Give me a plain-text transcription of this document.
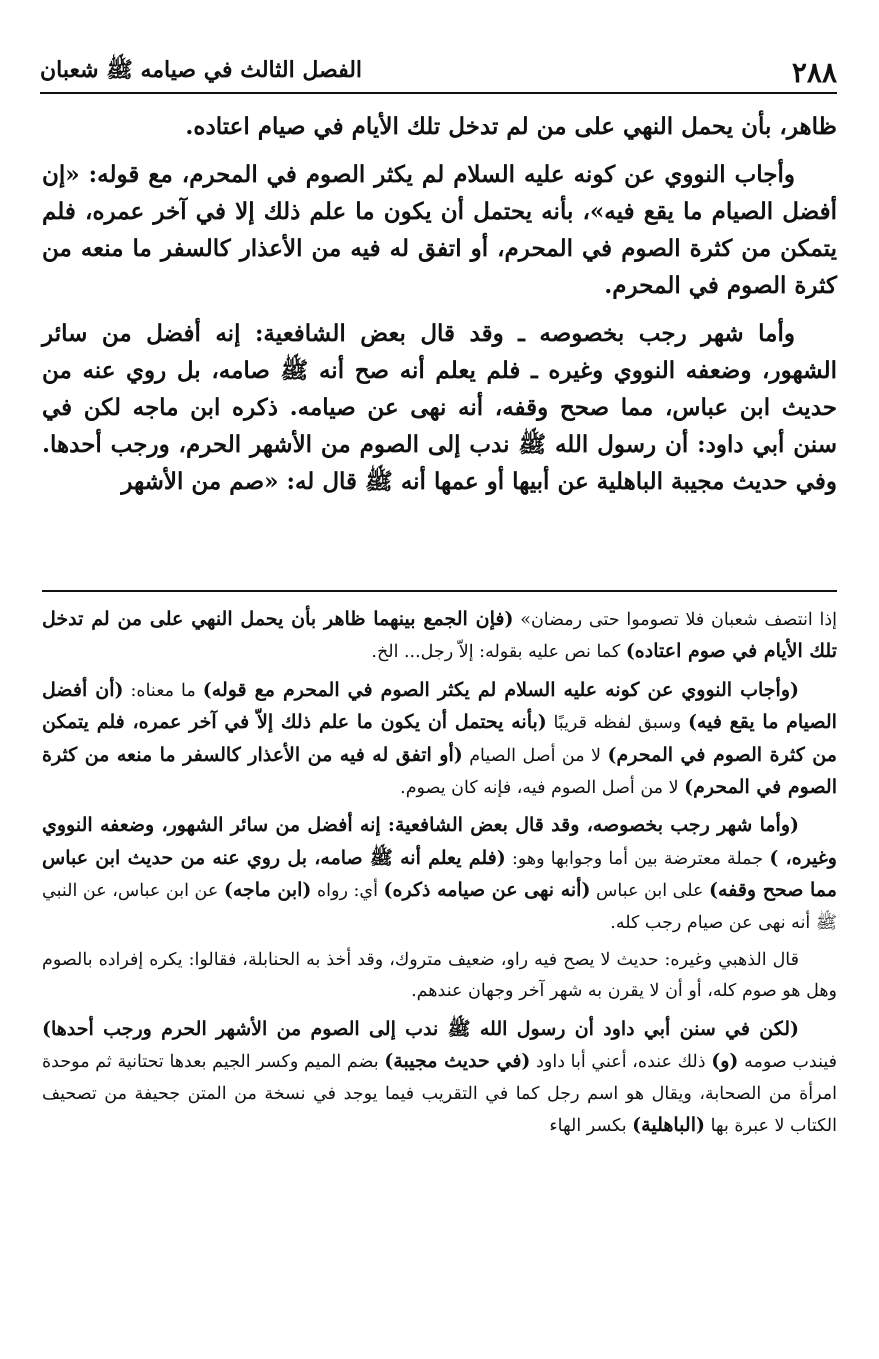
٢٨٨
الفصل الثالث في صيامه ﷺ شعبان

ظاهر، بأن يحمل النهي على من لم تدخل تلك الأيام في صيام اعتاده.

وأجاب النووي عن كونه عليه السلام لم يكثر الصوم في المحرم، مع قوله: «إن أفضل الصيام ما يقع فيه»، بأنه يحتمل أن يكون ما علم ذلك إلا في آخر عمره، فلم يتمكن من كثرة الصوم في المحرم، أو اتفق له فيه من الأعذار كالسفر ما منعه من كثرة الصوم في المحرم.

وأما شهر رجب بخصوصه ـ وقد قال بعض الشافعية: إنه أفضل من سائر الشهور، وضعفه النووي وغيره ـ فلم يعلم أنه صح أنه ﷺ صامه، بل روي عنه من حديث ابن عباس، مما صحح وقفه، أنه نهى عن صيامه. ذكره ابن ماجه لكن في سنن أبي داود: أن رسول الله ﷺ ندب إلى الصوم من الأشهر الحرم، ورجب أحدها. وفي حديث مجيبة الباهلية عن أبيها أو عمها أنه ﷺ قال له: «صم من الأشهر

إذا انتصف شعبان فلا تصوموا حتى رمضان» (فإن الجمع بينهما ظاهر بأن يحمل النهي على من لم تدخل تلك الأيام في صوم اعتاده) كما نص عليه بقوله: إلاّ رجل... الخ.

(وأجاب النووي عن كونه عليه السلام لم يكثر الصوم في المحرم مع قوله) ما معناه: (أن أفضل الصيام ما يقع فيه) وسبق لفظه قريبًا (بأنه يحتمل أن يكون ما علم ذلك إلاّ في آخر عمره، فلم يتمكن من كثرة الصوم في المحرم) لا من أصل الصيام (أو اتفق له فيه من الأعذار كالسفر ما منعه من كثرة الصوم في المحرم) لا من أصل الصوم فيه، فإنه كان يصوم.

(وأما شهر رجب بخصوصه، وقد قال بعض الشافعية: إنه أفضل من سائر الشهور، وضعفه النووي وغيره، ) جملة معترضة بين أما وجوابها وهو: (فلم يعلم أنه ﷺ صامه، بل روي عنه من حديث ابن عباس مما صحح وقفه) على ابن عباس (أنه نهى عن صيامه ذكره) أي: رواه (ابن ماجه) عن ابن عباس، عن النبي ﷺ أنه نهى عن صيام رجب كله.

قال الذهبي وغيره: حديث لا يصح فيه راو، ضعيف متروك، وقد أخذ به الحنابلة، فقالوا: يكره إفراده بالصوم وهل هو صوم كله، أو أن لا يقرن به شهر آخر وجهان عندهم.

(لكن في سنن أبي داود أن رسول الله ﷺ ندب إلى الصوم من الأشهر الحرم ورجب أحدها) فيندب صومه (و) ذلك عنده، أعني أبا داود (في حديث مجيبة) بضم الميم وكسر الجيم بعدها تحتانية ثم موحدة امرأة من الصحابة، ويقال هو اسم رجل كما في التقريب فيما يوجد في نسخة من المتن جحيفة من تصحيف الكتاب لا عبرة بها (الباهلية) بكسر الهاء
